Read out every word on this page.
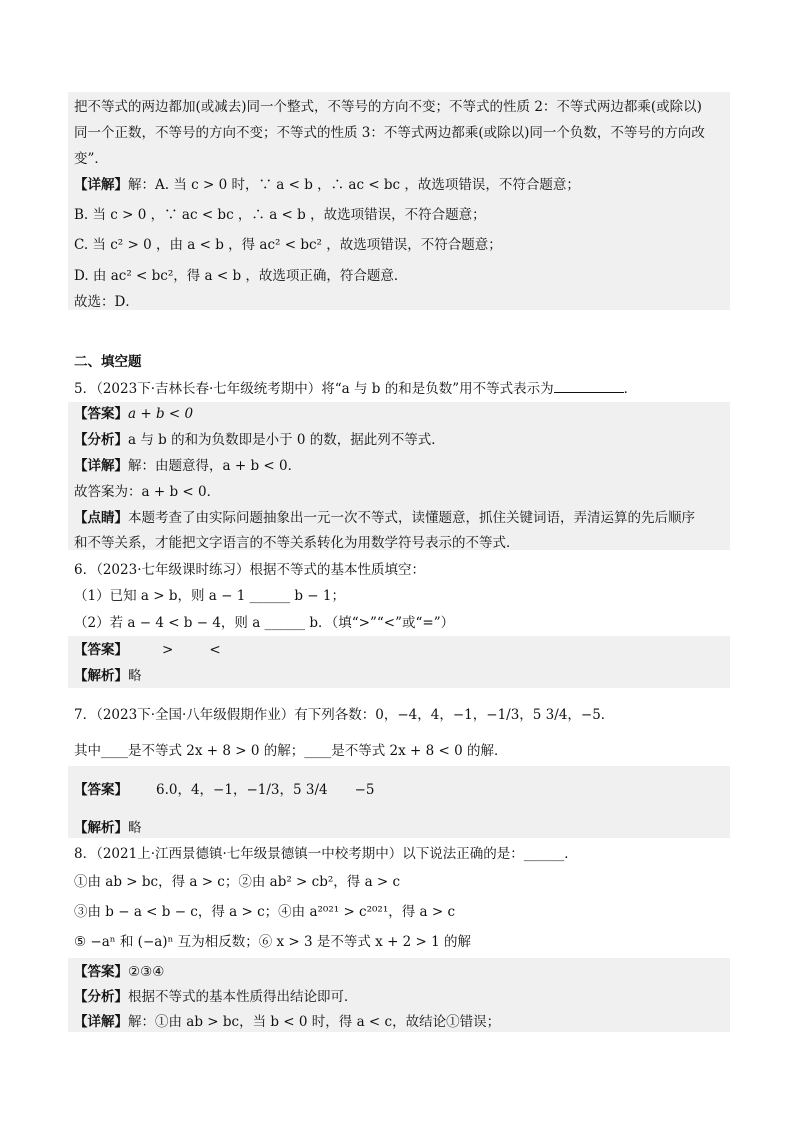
把不等式的两边都加(或减去)同一个整式，不等号的方向不变；不等式的性质 2：不等式两边都乘(或除以)
同一个正数，不等号的方向不变；不等式的性质 3：不等式两边都乘(或除以)同一个负数，不等号的方向改
变”．
【详解】解：A. 当 c > 0 时，∵ a < b ，∴ ac < bc ，故选项错误，不符合题意；
B. 当 c > 0 ，∵ ac < bc ，∴ a < b ，故选项错误，不符合题意；
C. 当 c² > 0 ，由 a < b ，得 ac² < bc² ，故选项错误，不符合题意；
D. 由 ac² < bc²，得 a < b ，故选项正确，符合题意．
故选：D．
二、填空题
5．（2023下·吉林长春·七年级统考期中）将“a 与 b 的和是负数”用不等式表示为	．
【答案】a + b < 0
【分析】a 与 b 的和为负数即是小于 0 的数，据此列不等式．
【详解】解：由题意得，a + b < 0．
故答案为：a + b < 0．
【点睛】本题考查了由实际问题抽象出一元一次不等式，读懂题意，抓住关键词语，弄清运算的先后顺序
和不等关系，才能把文字语言的不等关系转化为用数学符号表示的不等式．
6．（2023·七年级课时练习）根据不等式的基本性质填空：
（1）已知 a > b，则 a − 1 ______ b − 1；
（2）若 a − 4 < b − 4，则 a ______ b．（填“>”“<”或“=”）
【答案】	>	<
【解析】略
7．（2023下·全国·八年级假期作业）有下列各数：0，−4，4，−1，−1/3，5 3/4，−5．
其中____是不等式 2x + 8 > 0 的解；____是不等式 2x + 8 < 0 的解．
【答案】 6.0，4，−1，−1/3，5 3/4　　−5
【解析】略
8．（2021上·江西景德镇·七年级景德镇一中校考期中）以下说法正确的是：______．
①由 ab > bc，得 a > c；②由 ab² > cb²，得 a > c
③由 b − a < b − c，得 a > c；④由 a²⁰²¹ > c²⁰²¹，得 a > c
⑤ −aⁿ 和 (−a)ⁿ 互为相反数；⑥ x > 3 是不等式 x + 2 > 1 的解
【答案】②③④
【分析】根据不等式的基本性质得出结论即可．
【详解】解：①由 ab > bc，当 b < 0 时，得 a < c，故结论①错误；
